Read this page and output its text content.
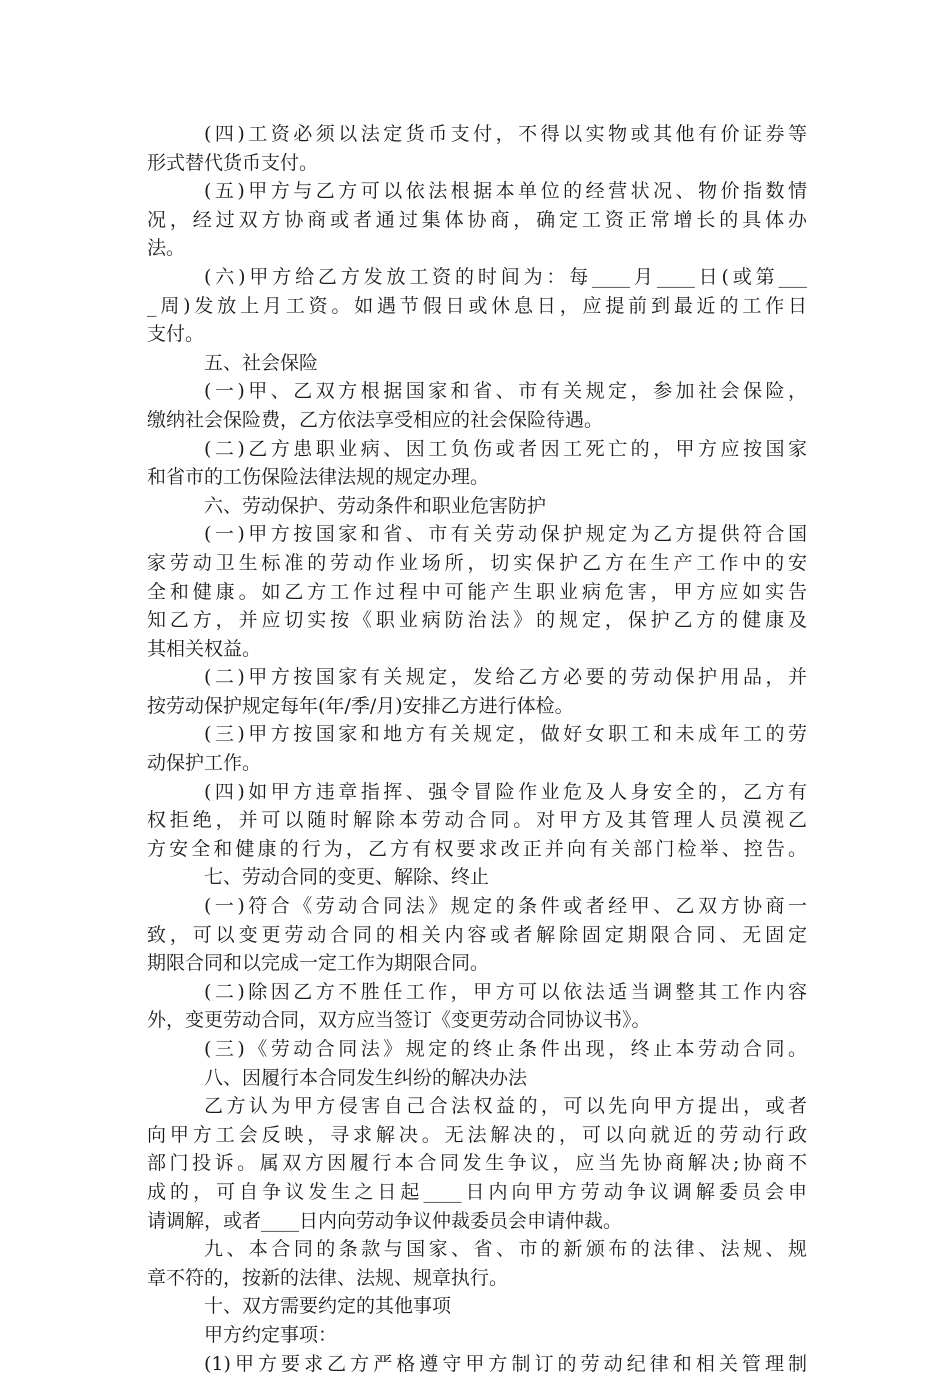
(四)工资必须以法定货币支付，不得以实物或其他有价证券等
形式替代货币支付。
(五)甲方与乙方可以依法根据本单位的经营状况、物价指数情
况，经过双方协商或者通过集体协商，确定工资正常增长的具体办
法。
(六)甲方给乙方发放工资的时间为：每____月____日(或第___
_周)发放上月工资。如遇节假日或休息日，应提前到最近的工作日
支付。
五、社会保险
(一)甲、乙双方根据国家和省、市有关规定，参加社会保险，
缴纳社会保险费，乙方依法享受相应的社会保险待遇。
(二)乙方患职业病、因工负伤或者因工死亡的，甲方应按国家
和省市的工伤保险法律法规的规定办理。
六、劳动保护、劳动条件和职业危害防护
(一)甲方按国家和省、市有关劳动保护规定为乙方提供符合国
家劳动卫生标准的劳动作业场所，切实保护乙方在生产工作中的安
全和健康。如乙方工作过程中可能产生职业病危害，甲方应如实告
知乙方，并应切实按《职业病防治法》的规定，保护乙方的健康及
其相关权益。
(二)甲方按国家有关规定，发给乙方必要的劳动保护用品，并
按劳动保护规定每年(年/季/月)安排乙方进行体检。
(三)甲方按国家和地方有关规定，做好女职工和未成年工的劳
动保护工作。
(四)如甲方违章指挥、强令冒险作业危及人身安全的，乙方有
权拒绝，并可以随时解除本劳动合同。对甲方及其管理人员漠视乙
方安全和健康的行为，乙方有权要求改正并向有关部门检举、控告。
七、劳动合同的变更、解除、终止
(一)符合《劳动合同法》规定的条件或者经甲、乙双方协商一
致，可以变更劳动合同的相关内容或者解除固定期限合同、无固定
期限合同和以完成一定工作为期限合同。
(二)除因乙方不胜任工作，甲方可以依法适当调整其工作内容
外，变更劳动合同，双方应当签订《变更劳动合同协议书》。
(三)《劳动合同法》规定的终止条件出现，终止本劳动合同。
八、因履行本合同发生纠纷的解决办法
乙方认为甲方侵害自己合法权益的，可以先向甲方提出，或者
向甲方工会反映，寻求解决。无法解决的，可以向就近的劳动行政
部门投诉。属双方因履行本合同发生争议，应当先协商解决;协商不
成的，可自争议发生之日起____日内向甲方劳动争议调解委员会申
请调解，或者____日内向劳动争议仲裁委员会申请仲裁。
九、本合同的条款与国家、省、市的新颁布的法律、法规、规
章不符的，按新的法律、法规、规章执行。
十、双方需要约定的其他事项
甲方约定事项：
(1)甲方要求乙方严格遵守甲方制订的劳动纪律和相关管理制
